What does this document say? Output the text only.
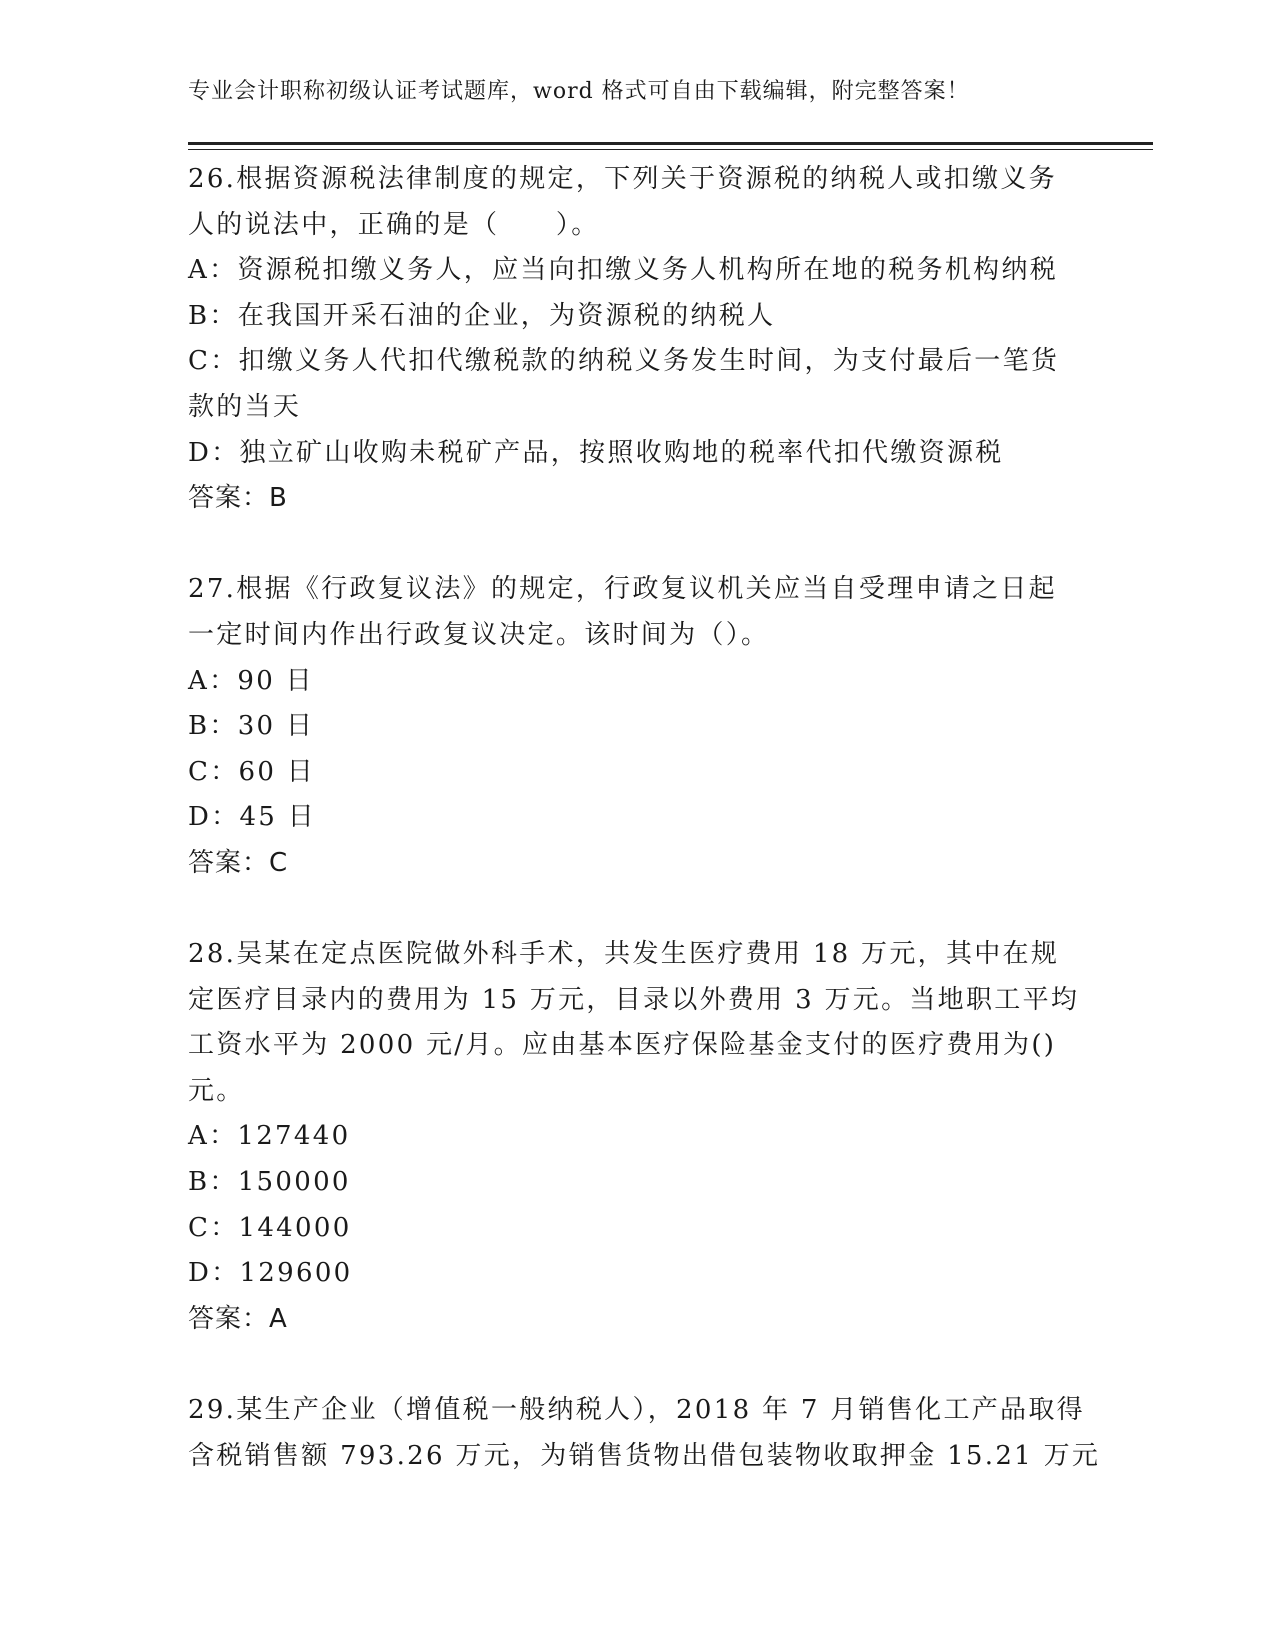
专业会计职称初级认证考试题库，word 格式可自由下载编辑，附完整答案！
26.根据资源税法律制度的规定，下列关于资源税的纳税人或扣缴义务
人的说法中，正确的是（　　）。
A：资源税扣缴义务人，应当向扣缴义务人机构所在地的税务机构纳税
B：在我国开采石油的企业，为资源税的纳税人
C：扣缴义务人代扣代缴税款的纳税义务发生时间，为支付最后一笔货
款的当天
D：独立矿山收购未税矿产品，按照收购地的税率代扣代缴资源税
答案：B
27.根据《行政复议法》的规定，行政复议机关应当自受理申请之日起
一定时间内作出行政复议决定。该时间为（）。
A：90 日
B：30 日
C：60 日
D：45 日
答案：C
28.吴某在定点医院做外科手术，共发生医疗费用 18 万元，其中在规
定医疗目录内的费用为 15 万元，目录以外费用 3 万元。当地职工平均
工资水平为 2000 元/月。应由基本医疗保险基金支付的医疗费用为()
元。
A：127440
B：150000
C：144000
D：129600
答案：A
29.某生产企业（增值税一般纳税人），2018 年 7 月销售化工产品取得
含税销售额 793.26 万元，为销售货物出借包装物收取押金 15.21 万元
